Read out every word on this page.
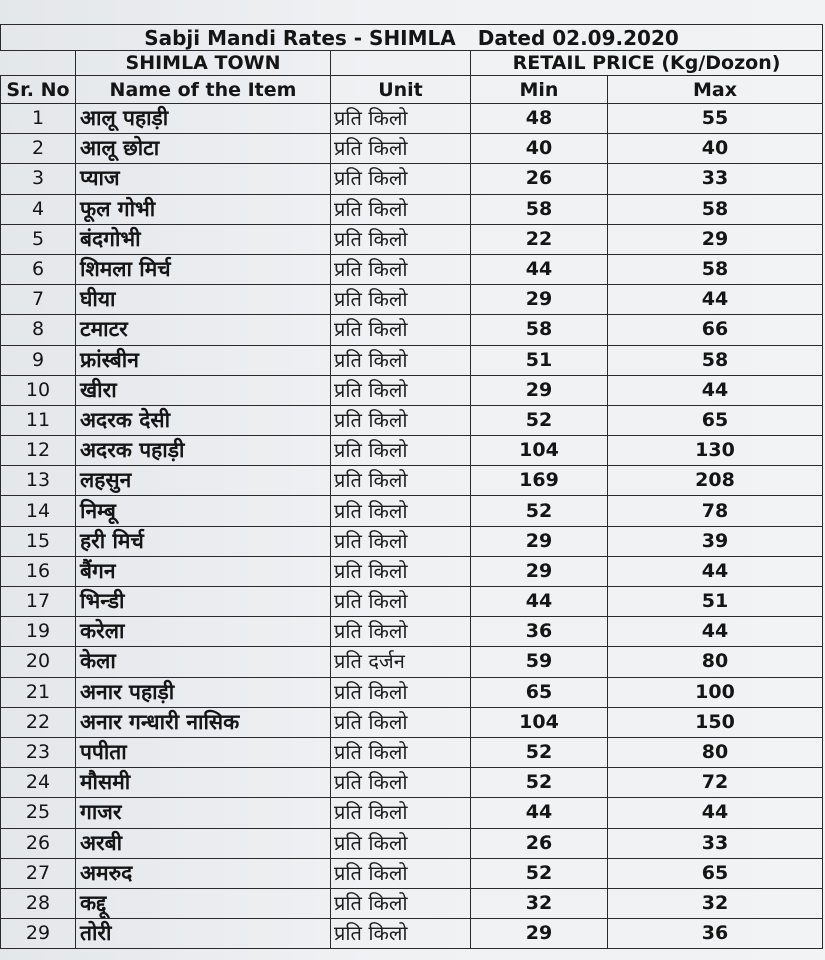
Sabji Mandi Rates - SHIMLA Dated 02.09.2020				
	SHIMLA TOWN		RETAIL PRICE (Kg/Dozon)	
Sr. No	Name of the Item	Unit	Min	Max
1	आलू पहाड़ी	प्रति किलो	48	55
2	आलू छोटा	प्रति किलो	40	40
3	प्याज	प्रति किलो	26	33
4	फूल गोभी	प्रति किलो	58	58
5	बंदगोभी	प्रति किलो	22	29
6	शिमला मिर्च	प्रति किलो	44	58
7	घीया	प्रति किलो	29	44
8	टमाटर	प्रति किलो	58	66
9	फ्रांस्बीन	प्रति किलो	51	58
10	खीरा	प्रति किलो	29	44
11	अदरक देसी	प्रति किलो	52	65
12	अदरक पहाड़ी	प्रति किलो	104	130
13	लहसुन	प्रति किलो	169	208
14	निम्बू	प्रति किलो	52	78
15	हरी मिर्च	प्रति किलो	29	39
16	बैंगन	प्रति किलो	29	44
17	भिन्डी	प्रति किलो	44	51
19	करेला	प्रति किलो	36	44
20	केला	प्रति दर्जन	59	80
21	अनार पहाड़ी	प्रति किलो	65	100
22	अनार गन्धारी नासिक	प्रति किलो	104	150
23	पपीता	प्रति किलो	52	80
24	मौसमी	प्रति किलो	52	72
25	गाजर	प्रति किलो	44	44
26	अरबी	प्रति किलो	26	33
27	अमरुद	प्रति किलो	52	65
28	कद्दू	प्रति किलो	32	32
29	तोरी	प्रति किलो	29	36
